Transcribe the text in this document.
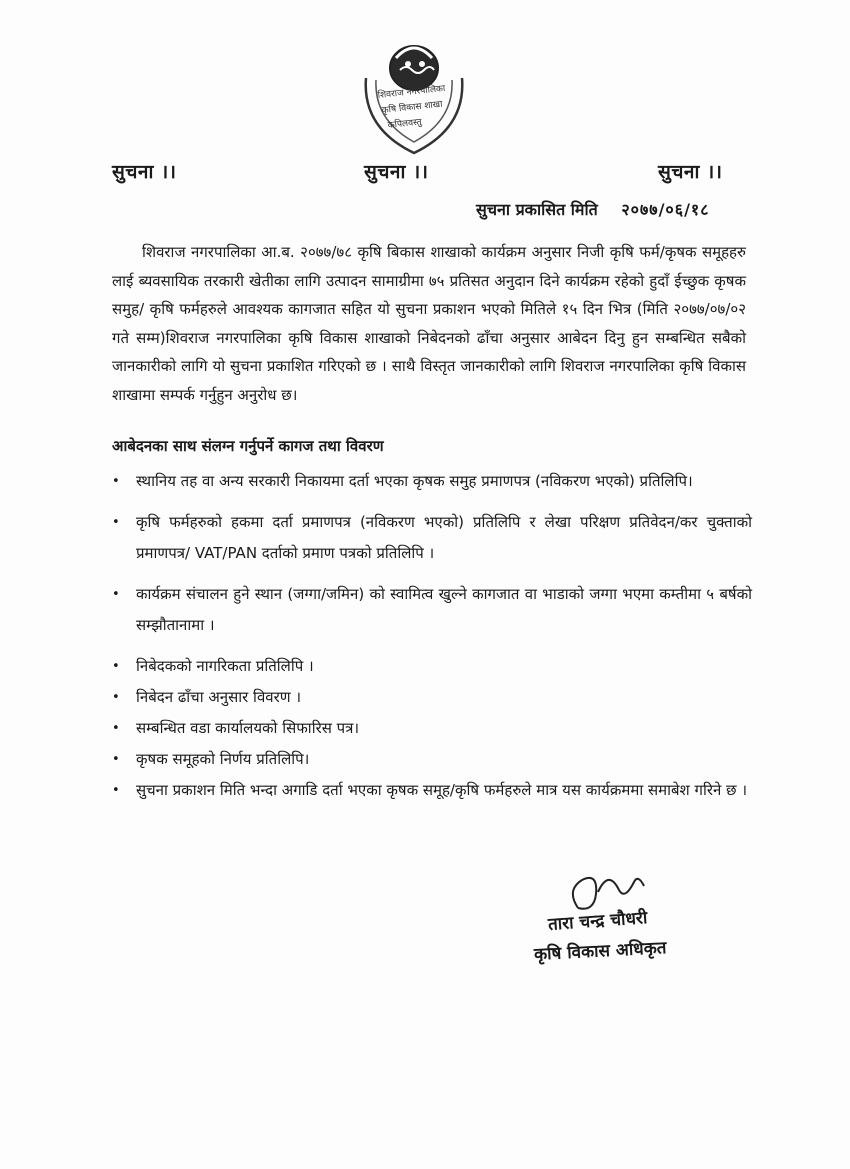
शिवराज नगरपालिका
कृषि विकास शाखा
कपिलवस्तु
सुचना ।।	सुचना ।।	सुचना ।।
सुचना प्रकासित मिति २०७७/०६/१८
शिवराज नगरपालिका आ.ब. २०७७/७८ कृषि बिकास शाखाको कार्यक्रम अनुसार निजी कृषि फर्म/कृषक समूहहरु लाई ब्यवसायिक तरकारी खेतीका लागि उत्पादन सामाग्रीमा ७५ प्रतिसत अनुदान दिने कार्यक्रम रहेको हुदाँ ईच्छुक कृषक समुह/ कृषि फर्महरुले आवश्यक कागजात सहित यो सुचना प्रकाशन भएको मितिले १५ दिन भित्र (मिति २०७७/०७/०२ गते सम्म)शिवराज नगरपालिका कृषि विकास शाखाको निबेदनको ढाँचा अनुसार आबेदन दिनु हुन सम्बन्धित सबैको जानकारीको लागि यो सुचना प्रकाशित गरिएको छ । साथै विस्तृत जानकारीको लागि शिवराज नगरपालिका कृषि विकास शाखामा सम्पर्क गर्नुहुन अनुरोध छ।
आबेदनका साथ संलग्न गर्नुपर्ने कागज तथा विवरण
• स्थानिय तह वा अन्य सरकारी निकायमा दर्ता भएका कृषक समुह प्रमाणपत्र (नविकरण भएको) प्रतिलिपि।
• कृषि फर्महरुको हकमा दर्ता प्रमाणपत्र (नविकरण भएको) प्रतिलिपि र लेखा परिक्षण प्रतिवेदन/कर चुक्ताको प्रमाणपत्र/ VAT/PAN दर्ताको प्रमाण पत्रको प्रतिलिपि ।
• कार्यक्रम संचालन हुने स्थान (जग्गा/जमिन) को स्वामित्व खुल्ने कागजात वा भाडाको जग्गा भएमा कम्तीमा ५ बर्षको सम्झौतानामा ।
• निबेदकको नागरिकता प्रतिलिपि ।
• निबेदन ढाँचा अनुसार विवरण ।
• सम्बन्धित वडा कार्यालयको सिफारिस पत्र।
• कृषक समूहको निर्णय प्रतिलिपि।
• सुचना प्रकाशन मिति भन्दा अगाडि दर्ता भएका कृषक समूह/कृषि फर्महरुले मात्र यस कार्यक्रममा समाबेश गरिने छ ।
तारा चन्द्र चौधरी
कृषि विकास अधिकृत
